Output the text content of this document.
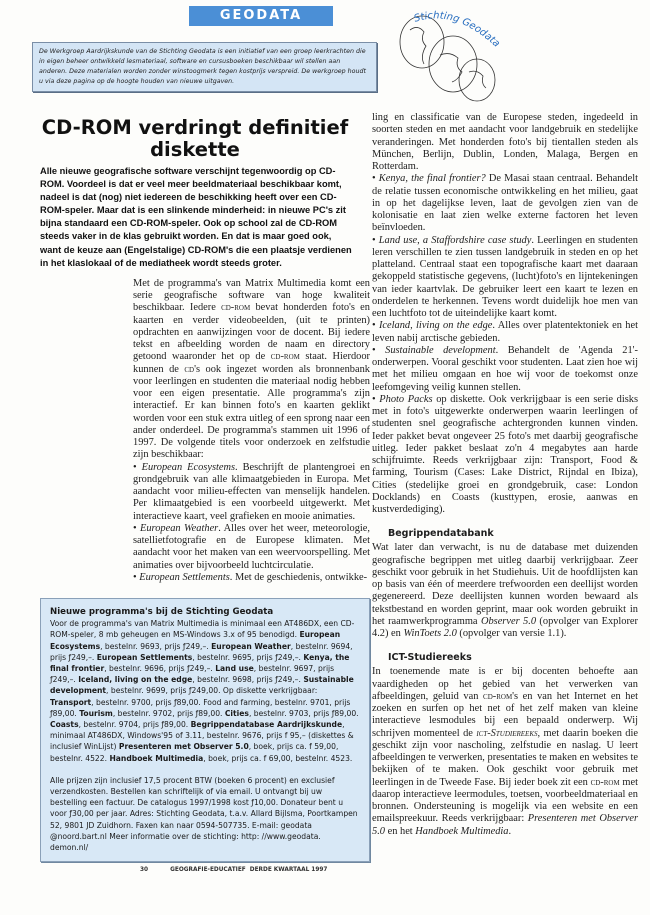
GEODATA
De Werkgroep Aardrijkskunde van de Stichting Geodata is een initiatief van een groep leerkrachten die in eigen beheer ontwikkeld lesmateriaal, software en cursusboeken beschikbaar wil stellen aan anderen. Deze materialen worden zonder winstoogmerk tegen kostprijs verspreid. De werkgroep houdt u via deze pagina op de hoogte houden van nieuwe uitgaven.
Stichting Geodata
CD-ROM verdringt definitief diskette

Alle nieuwe geografische software verschijnt tegenwoordig op CD-ROM. Voordeel is dat er veel meer beeldmateriaal beschikbaar komt, nadeel is dat (nog) niet iedereen de beschikking heeft over een CD-ROM-speler. Maar dat is een slinkende minderheid: in nieuwe PC's zit bijna standaard een CD-ROM-speler. Ook op school zal de CD-ROM steeds vaker in de klas gebruikt worden. En dat is maar goed ook, want de keuze aan (Engelstalige) CD-ROM's die een plaatsje verdienen in het klaslokaal of de mediatheek wordt steeds groter.

Met de programma's van Matrix Multimedia komt een serie geografische software van hoge kwaliteit beschikbaar. Iedere cd-rom bevat honderden foto's en kaarten en verder videobeelden, (uit te printen) opdrachten en aanwijzingen voor de docent. Bij iedere tekst en afbeelding worden de naam en directory getoond waaronder het op de cd-rom staat. Hierdoor kunnen de cd's ook ingezet worden als bronnenbank voor leerlingen en studenten die materiaal nodig hebben voor een eigen presentatie. Alle programma's zijn interactief. Er kan binnen foto's en kaarten geklikt worden voor een stuk extra uitleg of een sprong naar een ander onderdeel. De programma's stammen uit 1996 of 1997. De volgende titels voor onderzoek en zelfstudie zijn beschikbaar:

• European Ecosystems. Beschrijft de plantengroei en grondgebruik van alle klimaatgebieden in Europa. Met aandacht voor milieu-effecten van menselijk handelen. Per klimaatgebied is een voorbeeld uitgewerkt. Met interactieve kaart, veel grafieken en mooie animaties.

• European Weather. Alles over het weer, meteorologie, satellietfotografie en de Europese klimaten. Met aandacht voor het maken van een weervoorspelling. Met animaties over bijvoorbeeld luchtcirculatie.

• European Settlements. Met de geschiedenis, ontwikke-

Nieuwe programma's bij de Stichting Geodata

Voor de programma's van Matrix Multimedia is minimaal een AT486DX, een CD-ROM-speler, 8 mb geheugen en MS-Windows 3.x of 95 benodigd. European Ecosystems, bestelnr. 9693, prijs ƒ249,–. European Weather, bestelnr. 9694, prijs ƒ249,–. European Settlements, bestelnr. 9695, prijs ƒ249,–. Kenya, the final frontier, bestelnr. 9696, prijs ƒ249,–. Land use, bestelnr. 9697, prijs ƒ249,–. Iceland, living on the edge, bestelnr. 9698, prijs ƒ249,–. Sustainable development, bestelnr. 9699, prijs ƒ249,00. Op diskette verkrijgbaar: Transport, bestelnr. 9700, prijs ƒ89,00. Food and farming, bestelnr. 9701, prijs ƒ89,00. Tourism, bestelnr. 9702, prijs ƒ89,00. Cities, bestelnr. 9703, prijs ƒ89,00. Coasts, bestelnr. 9704, prijs ƒ89,00. Begrippendatabase Aardrijkskunde, minimaal AT486DX, Windows'95 of 3.11, bestelnr. 9676, prijs f 95,– (diskettes & inclusief WinLijst) Presenteren met Observer 5.0, boek, prijs ca. f 59,00, bestelnr. 4522. Handboek Multimedia, boek, prijs ca. f 69,00, bestelnr. 4523.

Alle prijzen zijn inclusief 17,5 procent BTW (boeken 6 procent) en exclusief verzendkosten. Bestellen kan schriftelijk of via email. U ontvangt bij uw bestelling een factuur. De catalogus 1997/1998 kost ƒ10,00. Donateur bent u voor ƒ30,00 per jaar. Adres: Stichting Geodata, t.a.v. Allard Bijlsma, Poortkampen 52, 9801 JD Zuidhorn. Faxen kan naar 0594-507735. E-mail: geodata @noord.bart.nl Meer informatie over de stichting: http: //www.geodata. demon.nl/

30	GEOGRAFIE-EDUCATIEF  DERDE KWARTAAL 1997

ling en classificatie van de Europese steden, ingedeeld in soorten steden en met aandacht voor landgebruik en stedelijke veranderingen. Met honderden foto's bij tientallen steden als München, Berlijn, Dublin, Londen, Malaga, Bergen en Rotterdam.

• Kenya, the final frontier? De Masai staan centraal. Behandelt de relatie tussen economische ontwikkeling en het milieu, gaat in op het dagelijkse leven, laat de gevolgen zien van de kolonisatie en laat zien welke externe factoren het leven beïnvloeden.

• Land use, a Staffordshire case study. Leerlingen en studenten leren verschillen te zien tussen landgebruik in steden en op het platteland. Centraal staat een topografische kaart met daaraan gekoppeld statistische gegevens, (lucht)foto's en lijntekeningen van ieder kaartvlak. De gebruiker leert een kaart te lezen en onderdelen te herkennen. Tevens wordt duidelijk hoe men van een luchtfoto tot de uiteindelijke kaart komt.

• Iceland, living on the edge. Alles over platentektoniek en het leven nabij arctische gebieden.

• Sustainable development. Behandelt de 'Agenda 21'-onderwerpen. Vooral geschikt voor studenten. Laat zien hoe wij met het milieu omgaan en hoe wij voor de toekomst onze leefomgeving veilig kunnen stellen.

• Photo Packs op diskette. Ook verkrijgbaar is een serie disks met in foto's uitgewerkte onderwerpen waarin leerlingen of studenten snel geografische achtergronden kunnen vinden. Ieder pakket bevat ongeveer 25 foto's met daarbij geografische uitleg. Ieder pakket beslaat zo'n 4 megabytes aan harde schijfruimte. Reeds verkrijgbaar zijn: Transport, Food & farming, Tourism (Cases: Lake District, Rijndal en Ibiza), Cities (stedelijke groei en grondgebruik, case: London Docklands) en Coasts (kusttypen, erosie, aanwas en kustverdediging).

Begrippendatabank

Wat later dan verwacht, is nu de database met duizenden geografische begrippen met uitleg daarbij verkrijgbaar. Zeer geschikt voor gebruik in het Studiehuis. Uit de hoofdlijsten kan op basis van één of meerdere trefwoorden een deellijst worden gegenereerd. Deze deellijsten kunnen worden bewaard als tekstbestand en worden geprint, maar ook worden gebruikt in het raamwerkprogramma Observer 5.0 (opvolger van Explorer 4.2) en WinToets 2.0 (opvolger van versie 1.1).

ICT-Studiereeks

In toenemende mate is er bij docenten behoefte aan vaardigheden op het gebied van het verwerken van afbeeldingen, geluid van cd-rom's en van het Internet en het zoeken en surfen op het net of het zelf maken van kleine interactieve lesmodules bij een bepaald onderwerp. Wij schrijven momenteel de ict-Studiereeks, met daarin boeken die geschikt zijn voor nascholing, zelfstudie en naslag. U leert afbeeldingen te verwerken, presentaties te maken en websites te bekijken of te maken. Ook geschikt voor gebruik met leerlingen in de Tweede Fase. Bij ieder boek zit een cd-rom met daarop interactieve leermodules, toetsen, voorbeeldmateriaal en bronnen. Ondersteuning is mogelijk via een website en een emailspreekuur. Reeds verkrijgbaar: Presenteren met Observer 5.0 en het Handboek Multimedia.
